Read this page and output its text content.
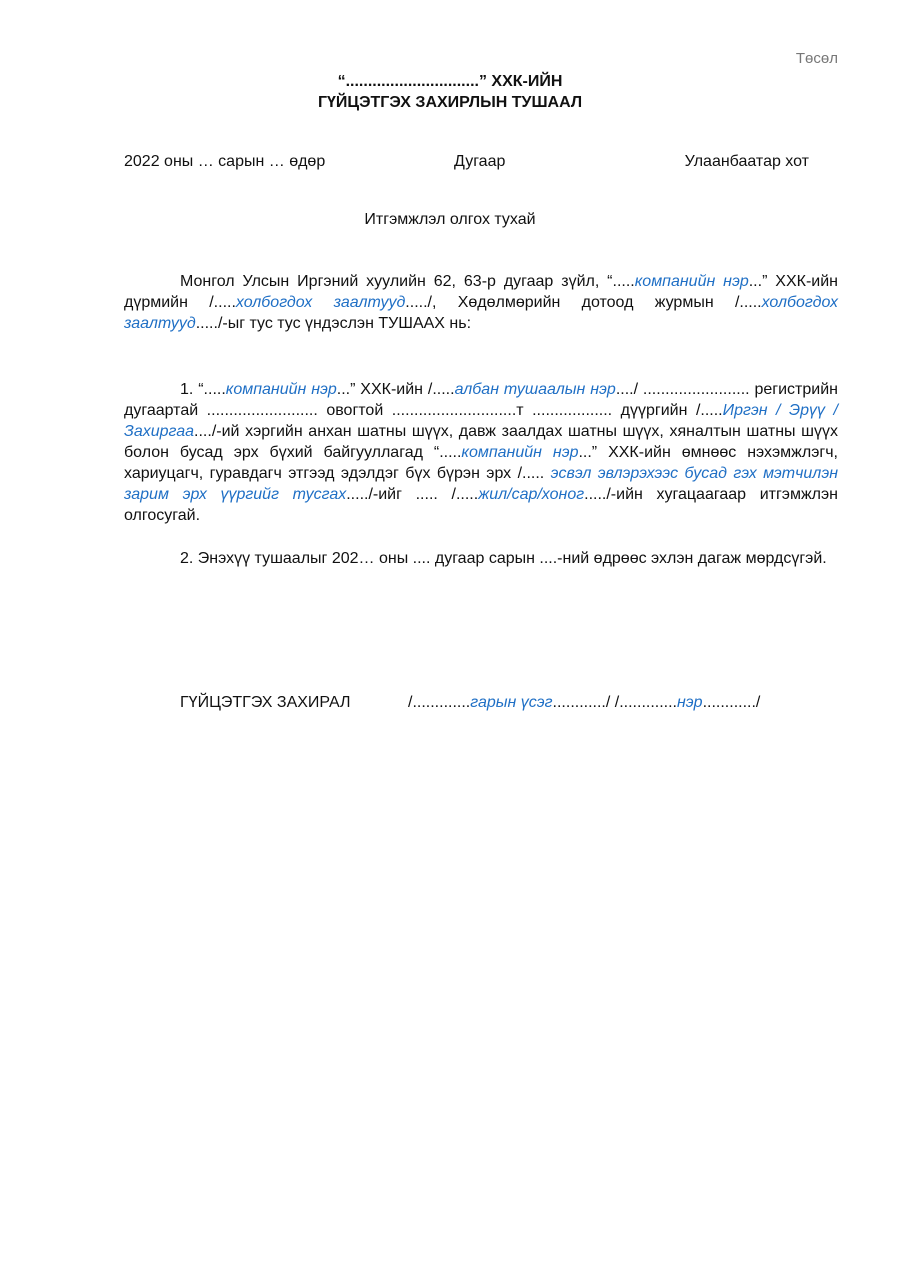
Төсөл
“..............................” ХХК-ИЙН
ГҮЙЦЭТГЭХ ЗАХИРЛЫН ТУШААЛ
2022 оны … сарын … өдөр	Дугаар	Улаанбаатар хот
Итгэмжлэл олгох тухай

Монгол Улсын Иргэний хуулийн 62, 63-р дугаар зүйл, “.....компанийн нэр...” ХХК-ийн дүрмийн /.....холбогдох заалтууд...../, Хөдөлмөрийн дотоод журмын /.....холбогдох заалтууд...../-ыг тус тус үндэслэн ТУШААХ нь:

1. “.....компанийн нэр...” ХХК-ийн /.....албан тушаалын нэр..../ ........................ регистрийн дугаартай ......................... овогтой ............................т .................. дүүргийн /.....Иргэн / Эрүү / Захиргаа..../-ий хэргийн анхан шатны шүүх, давж заалдах шатны шүүх, хяналтын шатны шүүх болон бусад эрх бүхий байгууллагад “.....компанийн нэр...” ХХК-ийн өмнөөс нэхэмжлэгч, хариуцагч, гуравдагч этгээд эдэлдэг бүх бүрэн эрх /..... эсвэл эвлэрэхээс бусад гэх мэтчилэн зарим эрх үүргийг тусгах...../-ийг ..... /.....жил/сар/хоног...../-ийн хугацаагаар итгэмжлэн олгосугай.

2. Энэхүү тушаалыг 202… оны .... дугаар сарын ....-ний өдрөөс эхлэн дагаж мөрдсүгэй.

ГҮЙЦЭТГЭХ ЗАХИРАЛ	/.............гарын үсэг............/ /.............нэр............/
